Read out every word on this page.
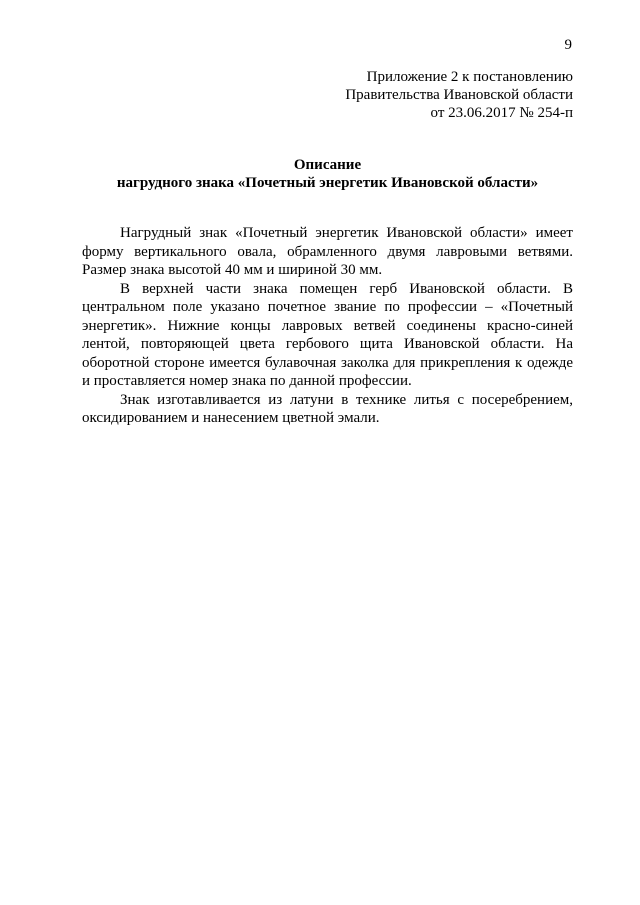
9
Приложение 2 к постановлению
Правительства Ивановской области
от 23.06.2017 № 254-п
Описание
нагрудного знака «Почетный энергетик Ивановской области»

Нагрудный знак «Почетный энергетик Ивановской области» имеет форму вертикального овала, обрамленного двумя лавровыми ветвями. Размер знака высотой 40 мм и шириной 30 мм.

В верхней части знака помещен герб Ивановской области. В центральном поле указано почетное звание по профессии – «Почетный энергетик». Нижние концы лавровых ветвей соединены красно-синей лентой, повторяющей цвета гербового щита Ивановской области. На оборотной стороне имеется булавочная заколка для прикрепления к одежде и проставляется номер знака по данной профессии.

Знак изготавливается из латуни в технике литья с посеребрением, оксидированием и нанесением цветной эмали.
